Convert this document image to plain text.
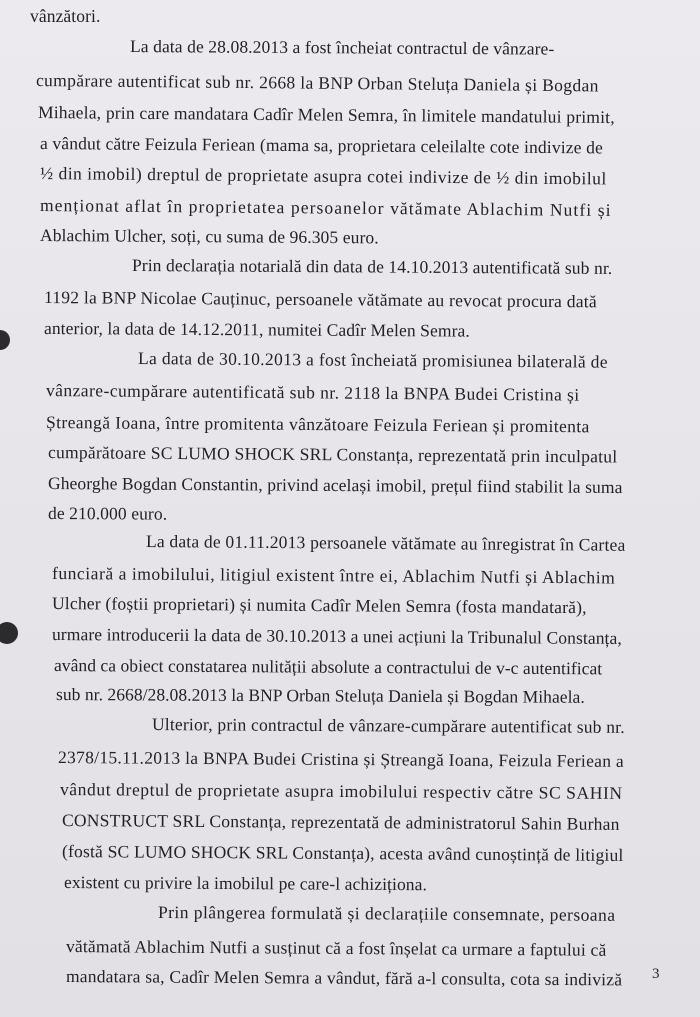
vânzători.
La data de 28.08.2013 a fost încheiat contractul de vânzare-
cumpărare autentificat sub nr. 2668 la BNP Orban Steluța Daniela și Bogdan
Mihaela, prin care mandatara Cadîr Melen Semra, în limitele mandatului primit,
a vândut către Feizula Feriean (mama sa, proprietara celeilalte cote indivize de
½ din imobil) dreptul de proprietate asupra cotei indivize de ½ din imobilul
menționat aflat în proprietatea persoanelor vătămate Ablachim Nutfi și
Ablachim Ulcher, soți, cu suma de 96.305 euro.
Prin declarația notarială din data de 14.10.2013 autentificată sub nr.
1192 la BNP Nicolae Cauținuc, persoanele vătămate au revocat procura dată
anterior, la data de 14.12.2011, numitei Cadîr Melen Semra.
La data de 30.10.2013 a fost încheiată promisiunea bilaterală de
vânzare-cumpărare autentificată sub nr. 2118 la BNPA Budei Cristina și
Ștreangă Ioana, între promitenta vânzătoare Feizula Feriean și promitenta
cumpărătoare SC LUMO SHOCK SRL Constanța, reprezentată prin inculpatul
Gheorghe Bogdan Constantin, privind același imobil, prețul fiind stabilit la suma
de 210.000 euro.
La data de 01.11.2013 persoanele vătămate au înregistrat în Cartea
funciară a imobilului, litigiul existent între ei, Ablachim Nutfi și Ablachim
Ulcher (foștii proprietari) și numita Cadîr Melen Semra (fosta mandatară),
urmare introducerii la data de 30.10.2013 a unei acțiuni la Tribunalul Constanța,
având ca obiect constatarea nulității absolute a contractului de v-c autentificat
sub nr. 2668/28.08.2013 la BNP Orban Steluța Daniela și Bogdan Mihaela.
Ulterior, prin contractul de vânzare-cumpărare autentificat sub nr.
2378/15.11.2013 la BNPA Budei Cristina și Ștreangă Ioana, Feizula Feriean a
vândut dreptul de proprietate asupra imobilului respectiv către SC SAHIN
CONSTRUCT SRL Constanța, reprezentată de administratorul Sahin Burhan
(fostă SC LUMO SHOCK SRL Constanța), acesta având cunoștință de litigiul
existent cu privire la imobilul pe care-l achiziționa.
Prin plângerea formulată și declarațiile consemnate, persoana
vătămată Ablachim Nutfi a susținut că a fost înșelat ca urmare a faptului că
mandatara sa, Cadîr Melen Semra a vândut, fără a-l consulta, cota sa indiviză 3
